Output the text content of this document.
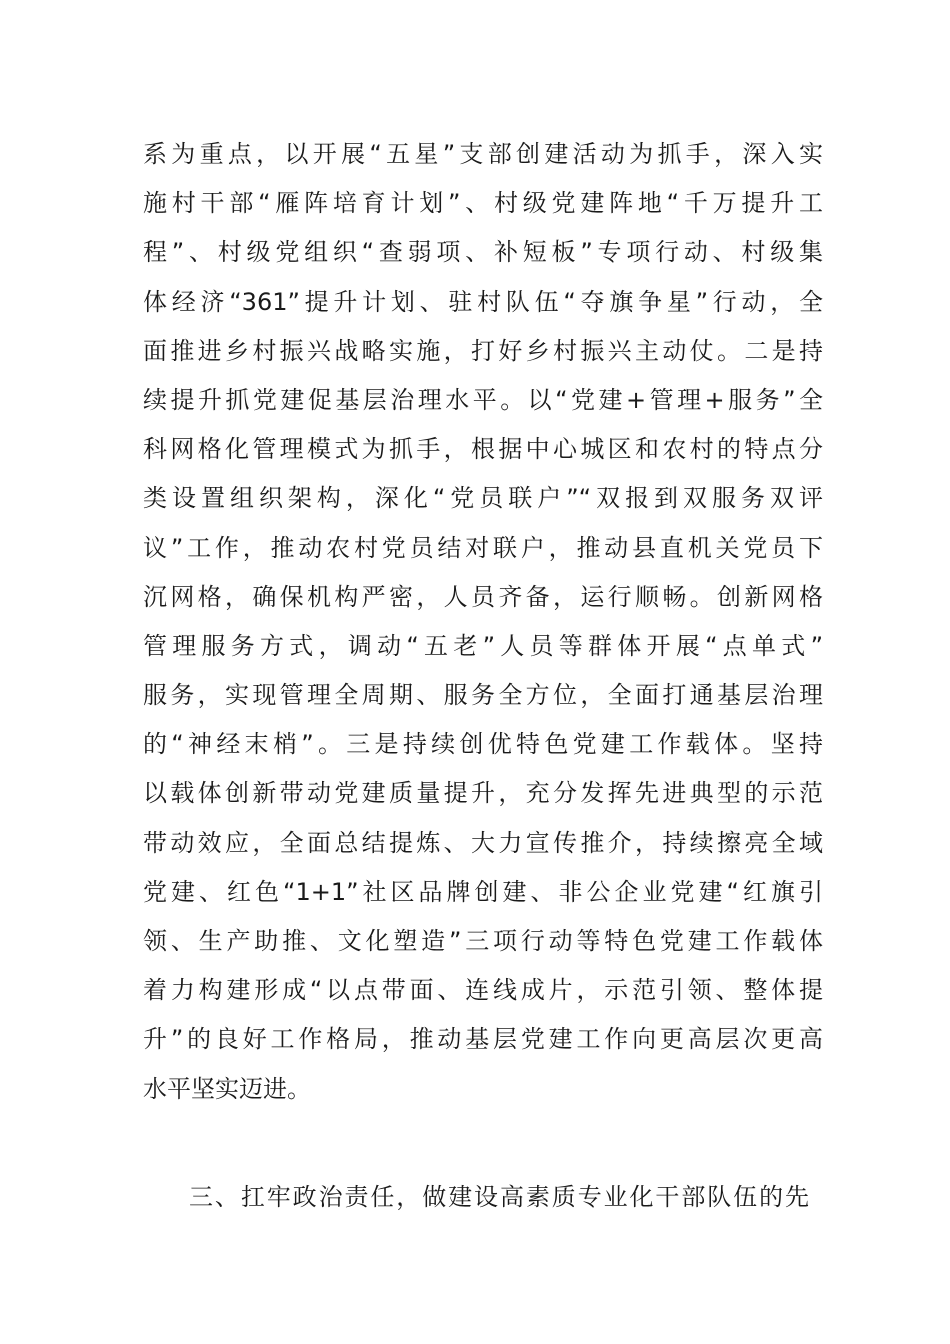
系为重点，以开展“五星”支部创建活动为抓手，深入实
施村干部“雁阵培育计划”、村级党建阵地“千万提升工
程”、村级党组织“查弱项、补短板”专项行动、村级集
体经济“361”提升计划、驻村队伍“夺旗争星”行动，全
面推进乡村振兴战略实施，打好乡村振兴主动仗。二是持
续提升抓党建促基层治理水平。以“党建+管理+服务”全
科网格化管理模式为抓手，根据中心城区和农村的特点分
类设置组织架构，深化“党员联户”“双报到双服务双评
议”工作，推动农村党员结对联户，推动县直机关党员下
沉网格，确保机构严密，人员齐备，运行顺畅。创新网格
管理服务方式，调动“五老”人员等群体开展“点单式”
服务，实现管理全周期、服务全方位，全面打通基层治理
的“神经末梢”。三是持续创优特色党建工作载体。坚持
以载体创新带动党建质量提升，充分发挥先进典型的示范
带动效应，全面总结提炼、大力宣传推介，持续擦亮全域
党建、红色“1+1”社区品牌创建、非公企业党建“红旗引
领、生产助推、文化塑造”三项行动等特色党建工作载体
着力构建形成“以点带面、连线成片，示范引领、整体提
升”的良好工作格局，推动基层党建工作向更高层次更高
水平坚实迈进。
三、扛牢政治责任，做建设高素质专业化干部队伍的先
